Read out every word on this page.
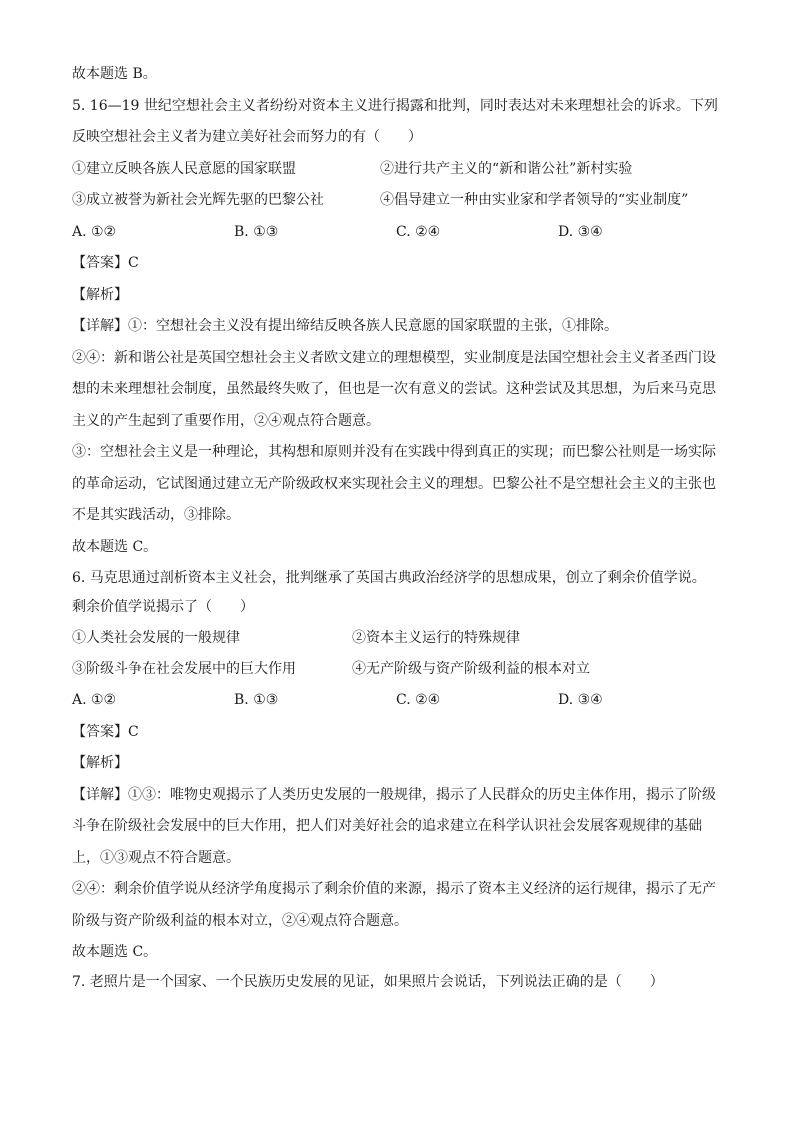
故本题选 B。
5. 16—19 世纪空想社会主义者纷纷对资本主义进行揭露和批判，同时表达对未来理想社会的诉求。下列
反映空想社会主义者为建立美好社会而努力的有（　　）
①建立反映各族人民意愿的国家联盟	②进行共产主义的“新和谐公社”新村实验
③成立被誉为新社会光辉先驱的巴黎公社	④倡导建立一种由实业家和学者领导的“实业制度”
A. ①②	B. ①③	C. ②④	D. ③④
【答案】C
【解析】
【详解】①：空想社会主义没有提出缔结反映各族人民意愿的国家联盟的主张，①排除。
②④：新和谐公社是英国空想社会主义者欧文建立的理想模型，实业制度是法国空想社会主义者圣西门设
想的未来理想社会制度，虽然最终失败了，但也是一次有意义的尝试。这种尝试及其思想，为后来马克思
主义的产生起到了重要作用，②④观点符合题意。
③：空想社会主义是一种理论，其构想和原则并没有在实践中得到真正的实现；而巴黎公社则是一场实际
的革命运动，它试图通过建立无产阶级政权来实现社会主义的理想。巴黎公社不是空想社会主义的主张也
不是其实践活动，③排除。
故本题选 C。
6. 马克思通过剖析资本主义社会，批判继承了英国古典政治经济学的思想成果，创立了剩余价值学说。
剩余价值学说揭示了（　　）
①人类社会发展的一般规律	②资本主义运行的特殊规律
③阶级斗争在社会发展中的巨大作用	④无产阶级与资产阶级利益的根本对立
A. ①②	B. ①③	C. ②④	D. ③④
【答案】C
【解析】
【详解】①③：唯物史观揭示了人类历史发展的一般规律，揭示了人民群众的历史主体作用，揭示了阶级
斗争在阶级社会发展中的巨大作用，把人们对美好社会的追求建立在科学认识社会发展客观规律的基础
上，①③观点不符合题意。
②④：剩余价值学说从经济学角度揭示了剩余价值的来源，揭示了资本主义经济的运行规律，揭示了无产
阶级与资产阶级利益的根本对立，②④观点符合题意。
故本题选 C。
7. 老照片是一个国家、一个民族历史发展的见证，如果照片会说话，下列说法正确的是（　　）
